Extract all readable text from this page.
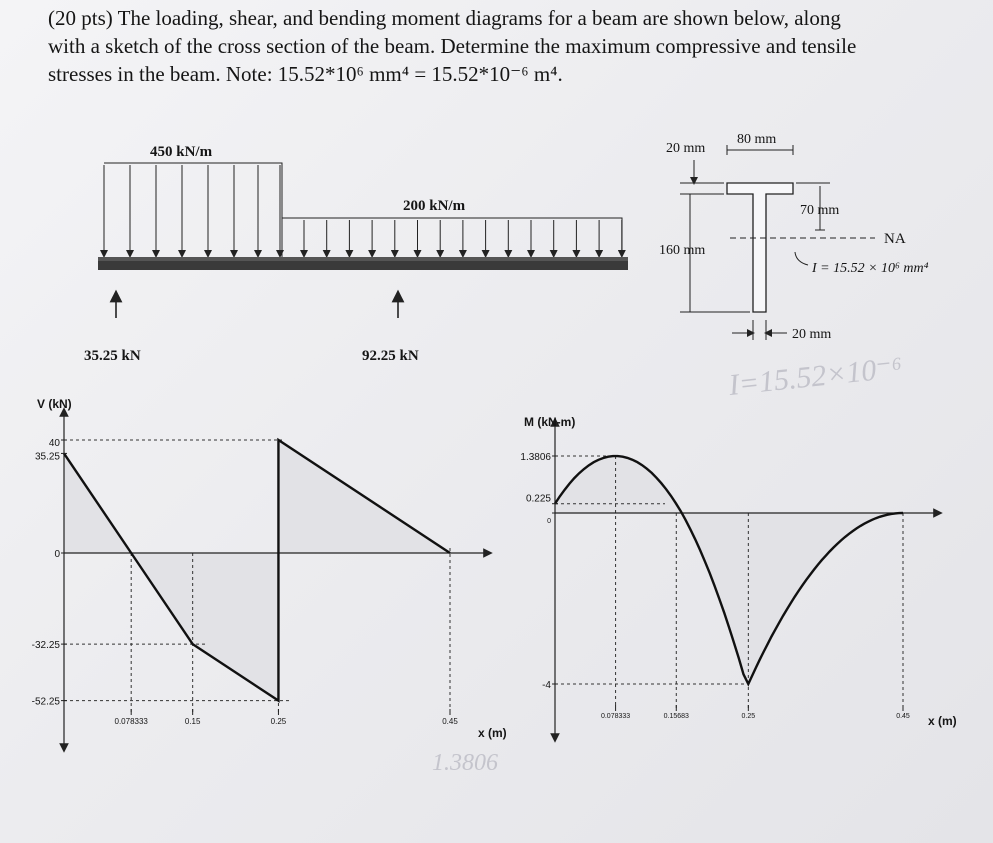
(20 pts) The loading, shear, and bending moment diagrams for a beam are shown below, along

with a sketch of the cross section of the beam. Determine the maximum compressive and tensile

stresses in the beam. Note: 15.52*10⁶ mm⁴ = 15.52*10⁻⁶ m⁴.

450 kN/m
200 kN/m
35.25 kN	92.25 kN
80 mm
20 mm
70 mm
NA
160 mm
I = 15.52 × 10⁶ mm⁴
20 mm
V (kN)
x (m)
40
35.25
0
-32.25
-52.25
0.078333	0.15	0.25	0.45
M (kN-m)
x (m)
1.3806
0.225
0
-4
0.078333	0.15683	0.25	0.45
I=15.52×10⁻⁶
1.3806
